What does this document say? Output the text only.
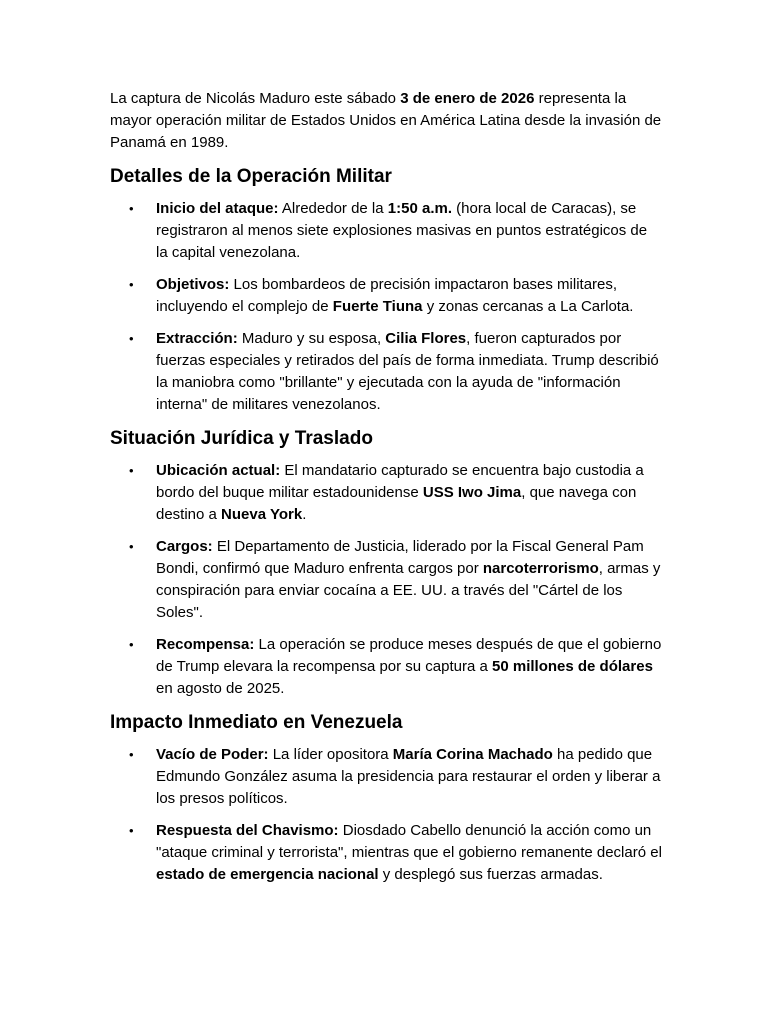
La captura de Nicolás Maduro este sábado 3 de enero de 2026 representa la mayor operación militar de Estados Unidos en América Latina desde la invasión de Panamá en 1989.

Detalles de la Operación Militar
• Inicio del ataque: Alrededor de la 1:50 a.m. (hora local de Caracas), se registraron al menos siete explosiones masivas en puntos estratégicos de la capital venezolana.
• Objetivos: Los bombardeos de precisión impactaron bases militares, incluyendo el complejo de Fuerte Tiuna y zonas cercanas a La Carlota.
• Extracción: Maduro y su esposa, Cilia Flores, fueron capturados por fuerzas especiales y retirados del país de forma inmediata. Trump describió la maniobra como "brillante" y ejecutada con la ayuda de "información interna" de militares venezolanos.
Situación Jurídica y Traslado
• Ubicación actual: El mandatario capturado se encuentra bajo custodia a bordo del buque militar estadounidense USS Iwo Jima, que navega con destino a Nueva York.
• Cargos: El Departamento de Justicia, liderado por la Fiscal General Pam Bondi, confirmó que Maduro enfrenta cargos por narcoterrorismo, armas y conspiración para enviar cocaína a EE. UU. a través del "Cártel de los Soles".
• Recompensa: La operación se produce meses después de que el gobierno de Trump elevara la recompensa por su captura a 50 millones de dólares en agosto de 2025.
Impacto Inmediato en Venezuela
• Vacío de Poder: La líder opositora María Corina Machado ha pedido que Edmundo González asuma la presidencia para restaurar el orden y liberar a los presos políticos.
• Respuesta del Chavismo: Diosdado Cabello denunció la acción como un "ataque criminal y terrorista", mientras que el gobierno remanente declaró el estado de emergencia nacional y desplegó sus fuerzas armadas.
